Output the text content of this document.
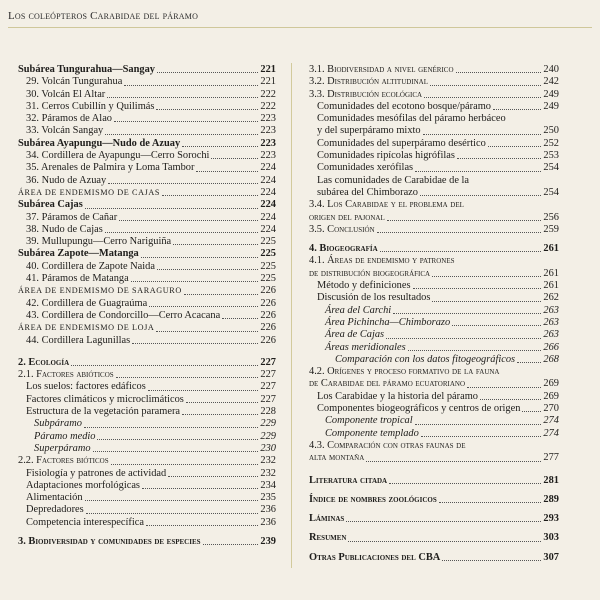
Los coleópteros Carabidae del páramo
Subárea Tungurahua—Sangay	221
29. Volcán Tungurahua	221
30. Volcán El Altar	222
31. Cerros Cubillín y Quilimás	222
32. Páramos de Alao	223
33. Volcán Sangay	223
Subárea Ayapungu—Nudo de Azuay	223
34. Cordillera de Ayapungu—Cerro Sorochi	223
35. Arenales de Palmira y Loma Tambor	224
36. Nudo de Azuay	224
ÁREA DE ENDEMISMO DE CAJAS	224
Subárea Cajas	224
37. Páramos de Cañar	224
38. Nudo de Cajas	224
39. Mullupungu—Cerro Nariguiña	225
Subárea Zapote—Matanga	225
40. Cordillera de Zapote Naida	225
41. Páramos de Matanga	225
ÁREA DE ENDEMISMO DE SARAGURO	226
42. Cordillera de Guagraúma	226
43. Cordillera de Condorcillo—Cerro Acacana	226
ÁREA DE ENDEMISMO DE LOJA	226
44. Cordillera Lagunillas	226
2. Ecología	227
2.1. Factores abióticos	227
Los suelos: factores edáficos	227
Factores climáticos y microclimáticos	227
Estructura de la vegetación paramera	228
Subpáramo	229
Páramo medio	229
Superpáramo	230
2.2. Factores bióticos	232
Fisiología y patrones de actividad	232
Adaptaciones morfológicas	234
Alimentación	235
Depredadores	236
Competencia interespecífica	236
3. Biodiversidad y comunidades de especies	239
3.1. Biodiversidad a nivel genérico	240
3.2. Distribución altitudinal	242
3.3. Distribución ecológica	249
Comunidades del ecotono bosque/páramo	249
Comunidades mesófilas del páramo herbáceo
y del superpáramo mixto	250
Comunidades del superpáramo desértico	252
Comunidades ripícolas higrófilas	253
Comunidades xerófilas	254
Las comunidades de Carabidae de la
subárea del Chimborazo	254
3.4. Los Carabidae y el problema del
origen del pajonal	256
3.5. Conclusión	259
4. Biogeografía	261
4.1. Áreas de endemismo y patrones
de distribución biogeográfica	261
Método y definiciones	261
Discusión de los resultados	262
Área del Carchi	263
Área Pichincha—Chimborazo	263
Área de Cajas	263
Áreas meridionales	266
Comparación con los datos fitogeográficos	268
4.2. Orígenes y proceso formativo de la fauna
de Carabidae del páramo ecuatoriano	269
Los Carabidae y la historia del páramo	269
Componentes biogeográficos y centros de origen 270
Componente tropical	274
Componente templado	274
4.3. Comparación con otras faunas de
alta montaña	277
Literatura citada	281
Índice de nombres zoológicos	289
Láminas	293
Resumen	303
Otras Publicaciones del CBA	307
